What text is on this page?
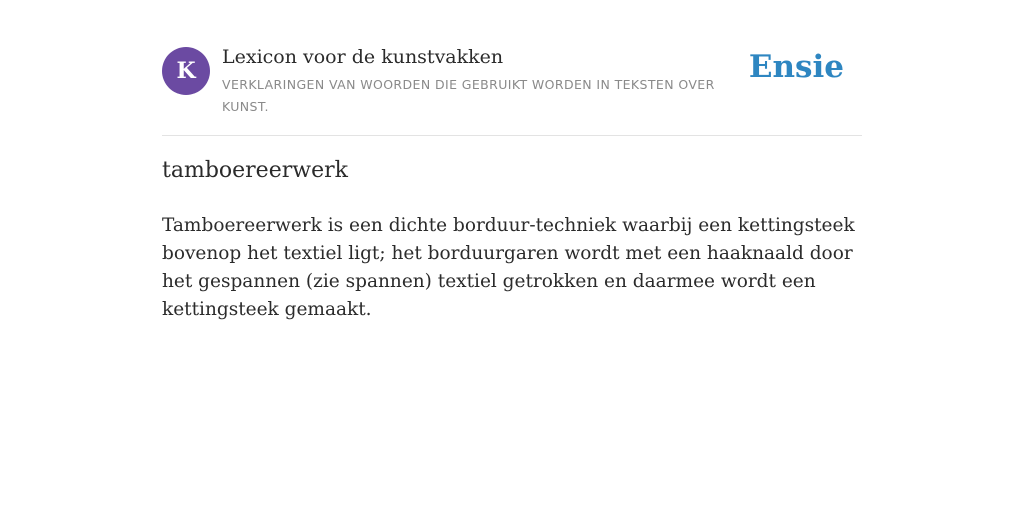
K
Lexicon voor de kunstvakken
VERKLARINGEN VAN WOORDEN DIE GEBRUIKT WORDEN IN TEKSTEN OVER KUNST.
Ensie
tamboereerwerk

Tamboereerwerk is een dichte borduur-techniek waarbij een kettingsteek bovenop het textiel ligt; het borduurgaren wordt met een haaknaald door het gespannen (zie spannen) textiel getrokken en daarmee wordt een kettingsteek gemaakt.
